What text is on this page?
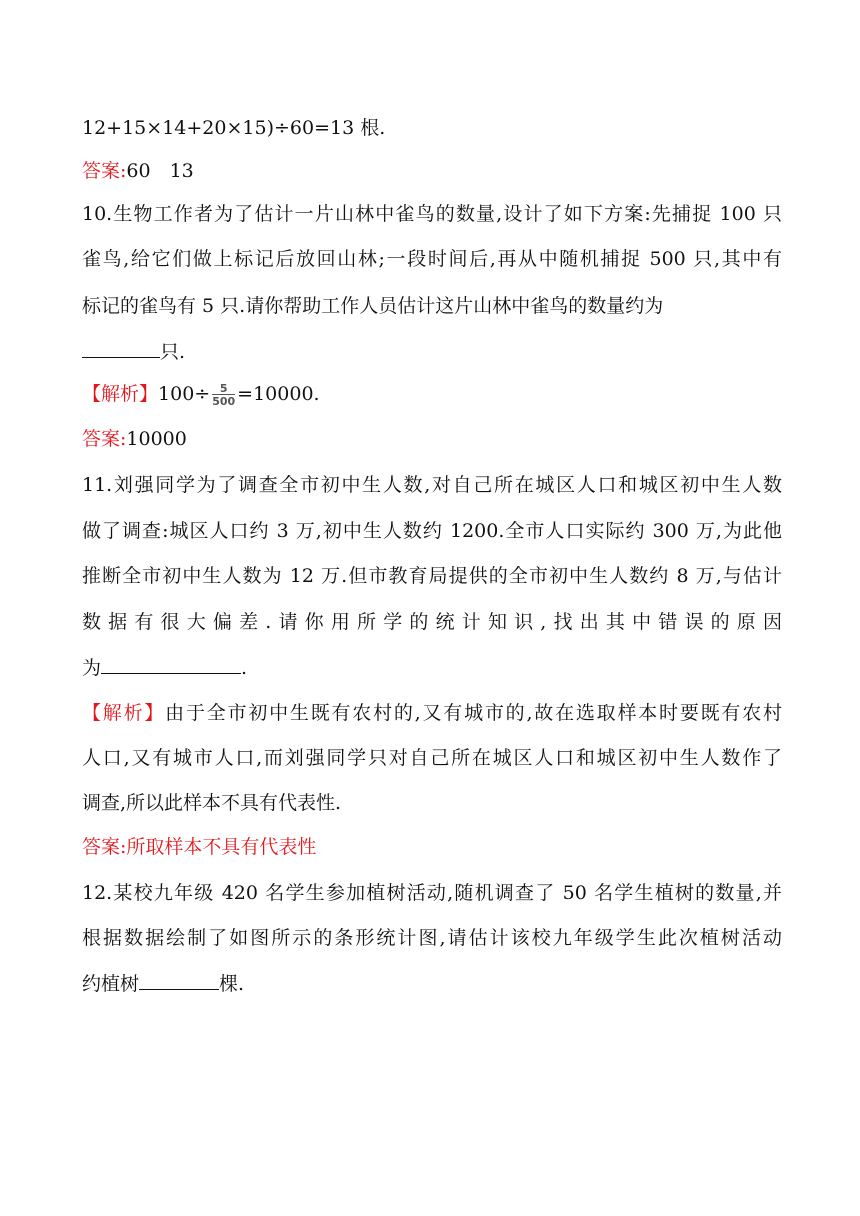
12+15×14+20×15)÷60=13 根.
答案:60　13
10.生物工作者为了估计一片山林中雀鸟的数量,设计了如下方案:先捕捉 100 只
雀鸟,给它们做上标记后放回山林;一段时间后,再从中随机捕捉 500 只,其中有
标记的雀鸟有 5 只.请你帮助工作人员估计这片山林中雀鸟的数量约为
只.
【解析】$100\div \frac{5}{500} =10000$.
答案:10000
11.刘强同学为了调查全市初中生人数,对自己所在城区人口和城区初中生人数
做了调查:城区人口约 3 万,初中生人数约 1200.全市人口实际约 300 万,为此他
推断全市初中生人数为 12 万.但市教育局提供的全市初中生人数约 8 万,与估计
数据有很大偏差.请你用所学的统计知识,找出其中错误的原因
为	.
【解析】由于全市初中生既有农村的,又有城市的,故在选取样本时要既有农村
人口,又有城市人口,而刘强同学只对自己所在城区人口和城区初中生人数作了
调查,所以此样本不具有代表性.
答案:所取样本不具有代表性
12.某校九年级 420 名学生参加植树活动,随机调查了 50 名学生植树的数量,并
根据数据绘制了如图所示的条形统计图,请估计该校九年级学生此次植树活动
约植树	棵.
